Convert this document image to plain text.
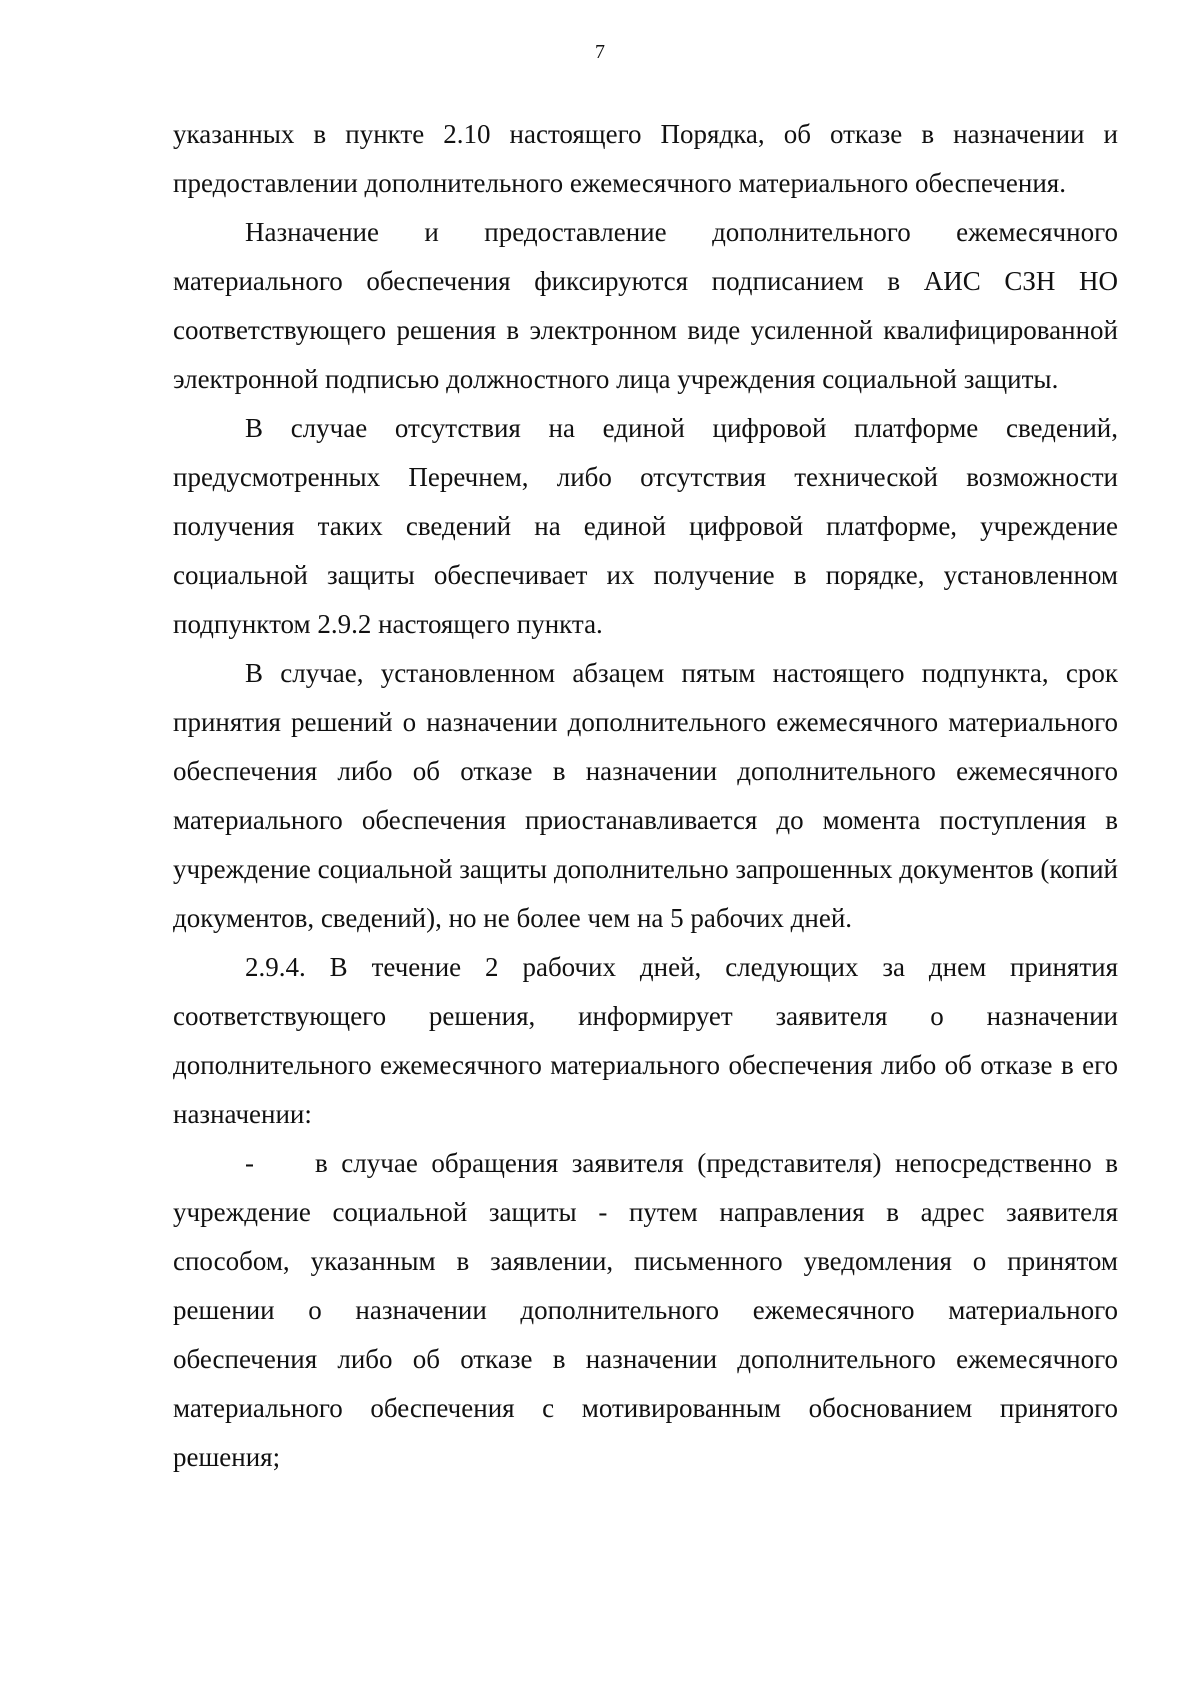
7

указанных в пункте 2.10 настоящего Порядка, об отказе в назначении и предоставлении дополнительного ежемесячного материального обеспечения.

Назначение и предоставление дополнительного ежемесячного материального обеспечения фиксируются подписанием в АИС СЗН НО соответствующего решения в электронном виде усиленной квалифицированной электронной подписью должностного лица учреждения социальной защиты.

В случае отсутствия на единой цифровой платформе сведений, предусмотренных Перечнем, либо отсутствия технической возможности получения таких сведений на единой цифровой платформе, учреждение социальной защиты обеспечивает их получение в порядке, установленном подпунктом 2.9.2 настоящего пункта.

В случае, установленном абзацем пятым настоящего подпункта, срок принятия решений о назначении дополнительного ежемесячного материального обеспечения либо об отказе в назначении дополнительного ежемесячного материального обеспечения приостанавливается до момента поступления в учреждение социальной защиты дополнительно запрошенных документов (копий документов, сведений), но не более чем на 5 рабочих дней.

2.9.4. В течение 2 рабочих дней, следующих за днем принятия соответствующего решения, информирует заявителя о назначении дополнительного ежемесячного материального обеспечения либо об отказе в его назначении:

- в случае обращения заявителя (представителя) непосредственно в учреждение социальной защиты - путем направления в адрес заявителя способом, указанным в заявлении, письменного уведомления о принятом решении о назначении дополнительного ежемесячного материального обеспечения либо об отказе в назначении дополнительного ежемесячного материального обеспечения с мотивированным обоснованием принятого решения;
